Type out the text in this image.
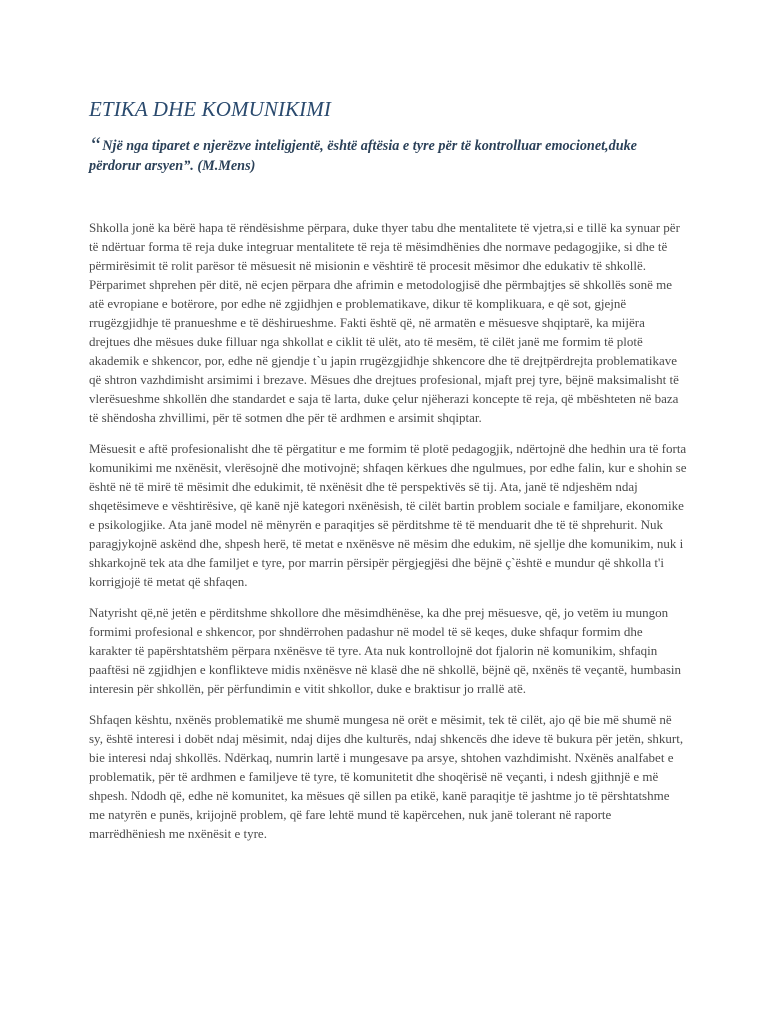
ETIKA DHE KOMUNIKIMI

“Një nga tiparet e njerëzve inteligjentë, është aftësia e tyre për të kontrolluar emocionet,duke përdorur arsyen”. (M.Mens)

Shkolla jonë ka bërë hapa të rëndësishme përpara, duke thyer tabu dhe mentalitete të vjetra,si e tillë ka synuar për të ndërtuar forma të reja duke integruar mentalitete të reja të mësimdhënies dhe normave pedagogjike, si dhe të përmirësimit të rolit parësor të mësuesit në misionin e vështirë të procesit mësimor dhe edukativ të shkollë. Përparimet shprehen për ditë, në ecjen përpara dhe afrimin e metodologjisë dhe përmbajtjes së shkollës sonë me atë evropiane e botërore, por edhe në zgjidhjen e problematikave, dikur të komplikuara, e që sot, gjejnë rrugëzgjidhje të pranueshme e të dëshirueshme. Fakti është që, në armatën e mësuesve shqiptarë, ka mijëra drejtues dhe mësues duke filluar nga shkollat e ciklit të ulët, ato të mesëm, të cilët janë me formim të plotë akademik e shkencor, por, edhe në gjendje t`u japin rrugëzgjidhje shkencore dhe të drejtpërdrejta problematikave që shtron vazhdimisht arsimimi i brezave. Mësues dhe drejtues profesional, mjaft prej tyre, bëjnë maksimalisht të vlerësueshme shkollën dhe standardet e saja të larta, duke çelur njëherazi koncepte të reja, që mbështeten në baza të shëndosha zhvillimi, për të sotmen dhe për të ardhmen e arsimit shqiptar.

Mësuesit e aftë profesionalisht dhe të përgatitur e me formim të plotë pedagogjik, ndërtojnë dhe hedhin ura të forta komunikimi me nxënësit, vlerësojnë dhe motivojnë; shfaqen kërkues dhe ngulmues, por edhe falin, kur e shohin se është në të mirë të mësimit dhe edukimit, të nxënësit dhe të perspektivës së tij. Ata, janë të ndjeshëm ndaj shqetësimeve e vështirësive, që kanë një kategori nxënësish, të cilët bartin problem sociale e familjare, ekonomike e psikologjike. Ata janë model në mënyrën e paraqitjes së përditshme të të menduarit dhe të të shprehurit. Nuk paragjykojnë askënd dhe, shpesh herë, të metat e nxënësve në mësim dhe edukim, në sjellje dhe komunikim, nuk i shkarkojnë tek ata dhe familjet e tyre, por marrin përsipër përgjegjësi dhe bëjnë ç`është e mundur që shkolla t'i korrigjojë të metat që shfaqen.

Natyrisht që,në jetën e përditshme shkollore dhe mësimdhënëse, ka dhe prej mësuesve, që, jo vetëm iu mungon formimi profesional e shkencor, por shndërrohen padashur në model të së keqes, duke shfaqur formim dhe karakter të papërshtatshëm përpara nxënësve të tyre. Ata nuk kontrollojnë dot fjalorin në komunikim, shfaqin paaftësi në zgjidhjen e konflikteve midis nxënësve në klasë dhe në shkollë, bëjnë që, nxënës të veçantë, humbasin interesin për shkollën, për përfundimin e vitit shkollor, duke e braktisur jo rrallë atë.

Shfaqen kështu, nxënës problematikë me shumë mungesa në orët e mësimit, tek të cilët, ajo që bie më shumë në sy, është interesi i dobët ndaj mësimit, ndaj dijes dhe kulturës, ndaj shkencës dhe ideve të bukura për jetën, shkurt, bie interesi ndaj shkollës. Ndërkaq, numrin lartë i mungesave pa arsye, shtohen vazhdimisht. Nxënës analfabet e problematik, për të ardhmen e familjeve të tyre, të komunitetit dhe shoqërisë në veçanti, i ndesh gjithnjë e më shpesh. Ndodh që, edhe në komunitet, ka mësues që sillen pa etikë, kanë paraqitje të jashtme jo të përshtatshme me natyrën e punës, krijojnë problem, që fare lehtë mund të kapërcehen, nuk janë tolerant në raporte marrëdhëniesh me nxënësit e tyre.
